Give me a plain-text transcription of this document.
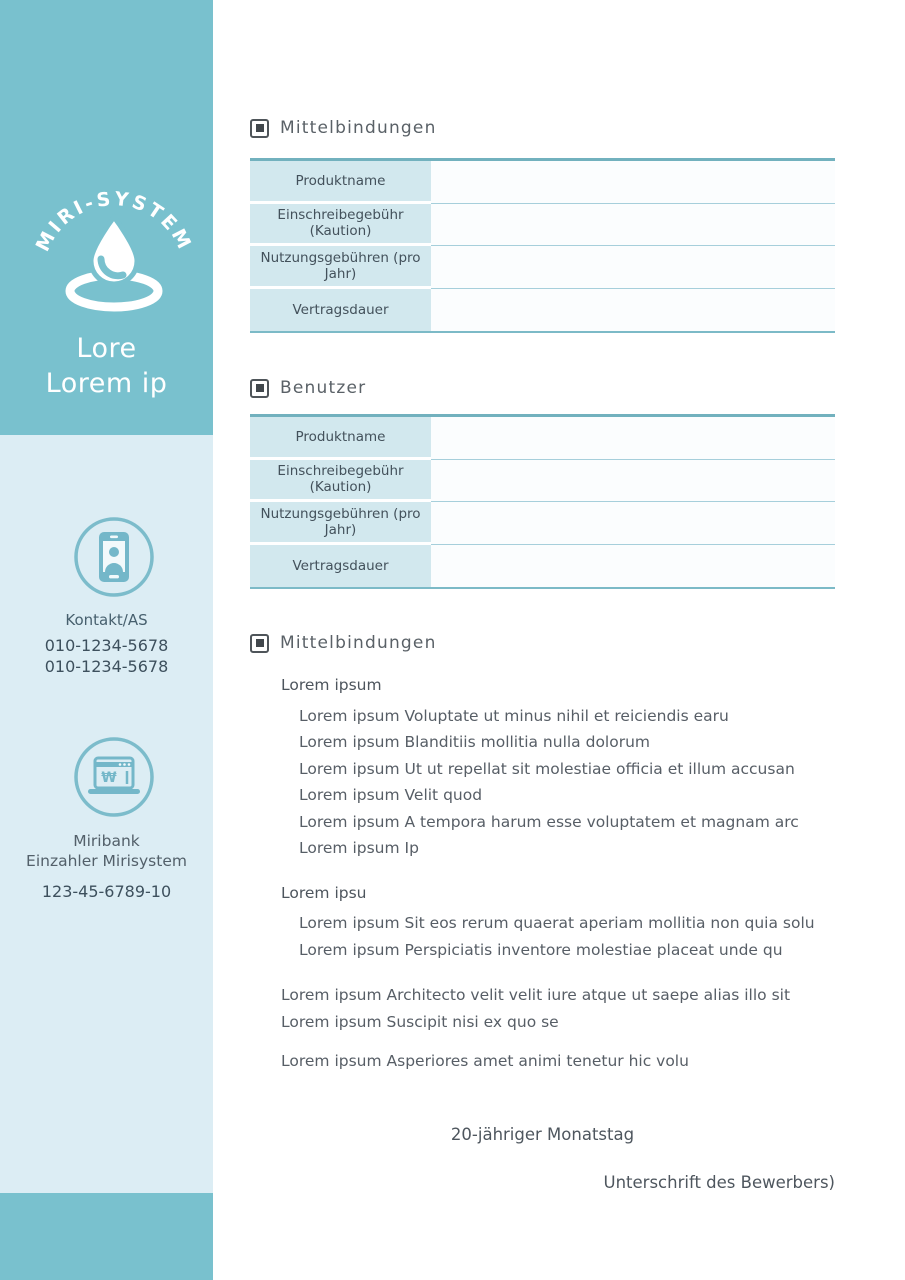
MIRI-SYSTEM
Lore
Lorem ip
Kontakt/AS
010-1234-5678
010-1234-5678
₩
Miribank
Einzahler Mirisystem
123-45-6789-10
Mittelbindungen
Produktname
Einschreibegebühr (Kaution)
Nutzungsgebühren (pro Jahr)
Vertragsdauer
Benutzer
Produktname
Einschreibegebühr (Kaution)
Nutzungsgebühren (pro Jahr)
Vertragsdauer
Mittelbindungen
Lorem ipsum
Lorem ipsum Voluptate ut minus nihil et reiciendis earu
Lorem ipsum Blanditiis mollitia nulla dolorum
Lorem ipsum Ut ut repellat sit molestiae officia et illum accusan
Lorem ipsum Velit quod
Lorem ipsum A tempora harum esse voluptatem et magnam arc
Lorem ipsum Ip
Lorem ipsu
Lorem ipsum Sit eos rerum quaerat aperiam mollitia non quia solu
Lorem ipsum Perspiciatis inventore molestiae placeat unde qu
Lorem ipsum Architecto velit velit iure atque ut saepe alias illo sit
Lorem ipsum Suscipit nisi ex quo se
Lorem ipsum Asperiores amet animi tenetur hic volu
20-jähriger Monatstag
Unterschrift des Bewerbers)
